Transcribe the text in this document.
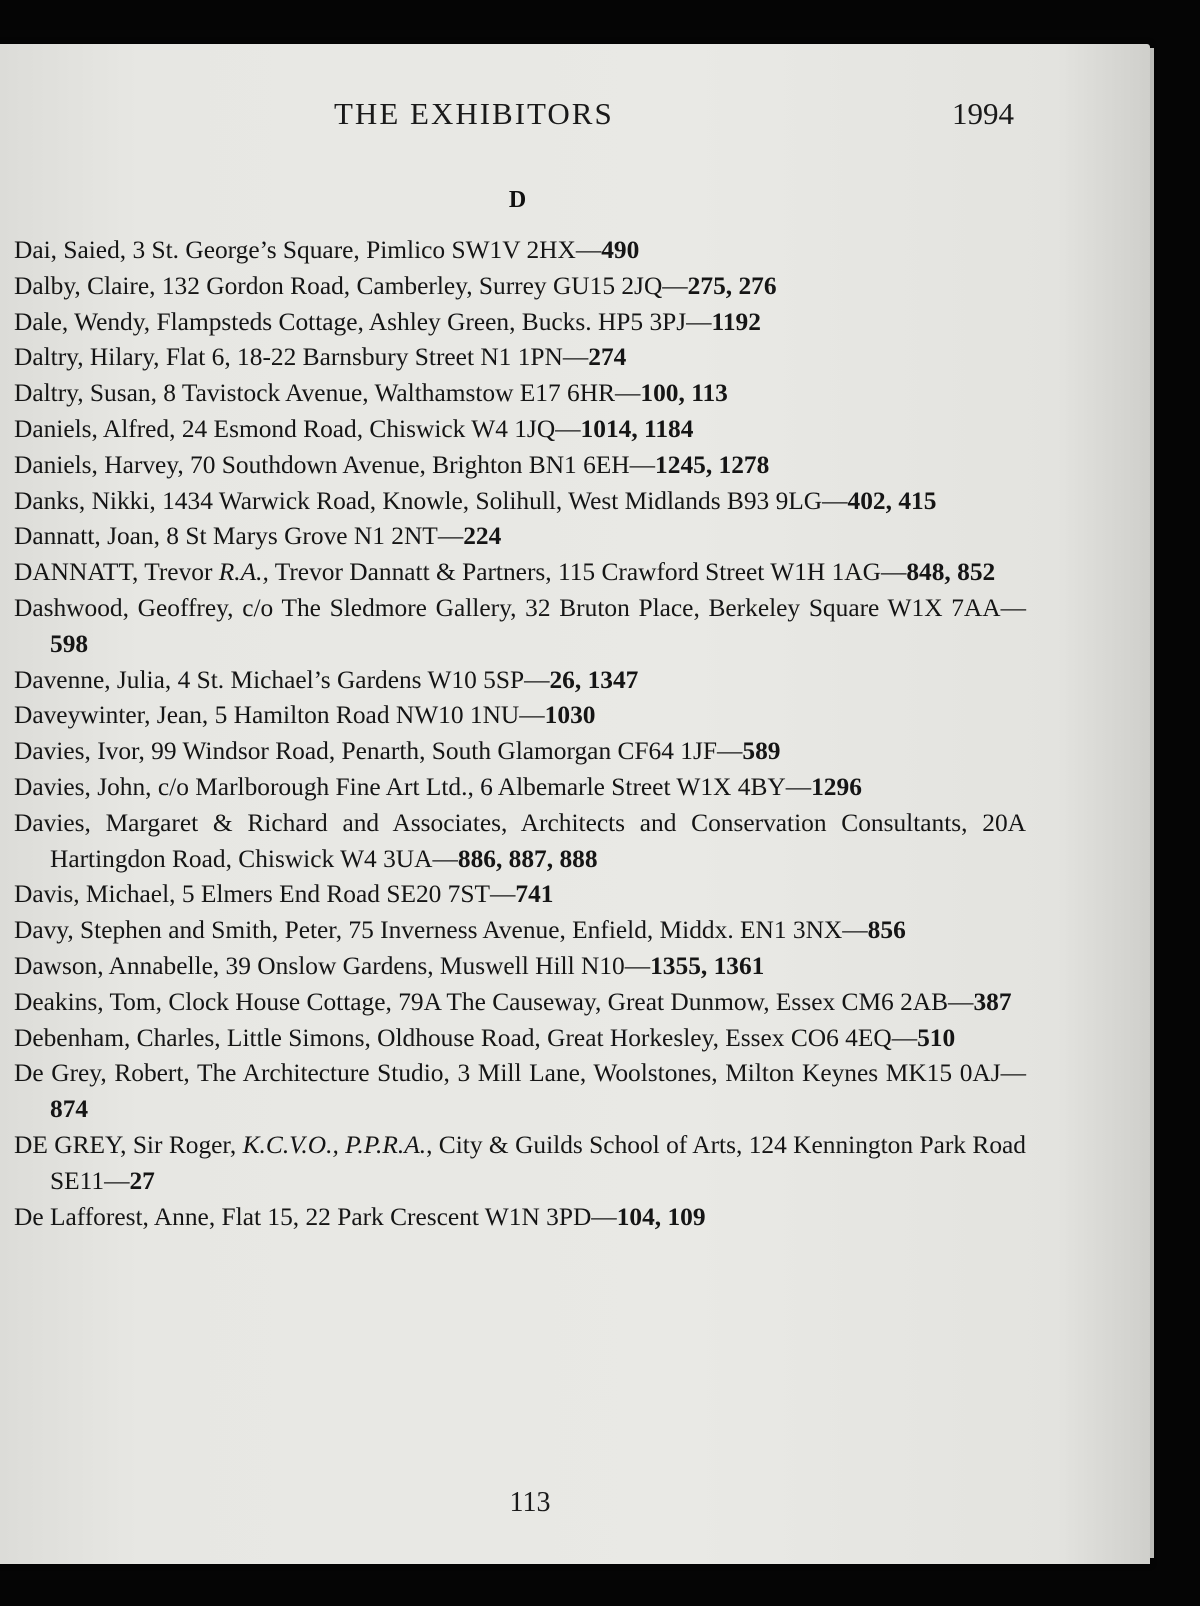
THE EXHIBITORS	1994
D

Dai, Saied, 3 St. George’s Square, Pimlico SW1V 2HX—490

Dalby, Claire, 132 Gordon Road, Camberley, Surrey GU15 2JQ—275, 276

Dale, Wendy, Flampsteds Cottage, Ashley Green, Bucks. HP5 3PJ—1192

Daltry, Hilary, Flat 6, 18-22 Barnsbury Street N1 1PN—274

Daltry, Susan, 8 Tavistock Avenue, Walthamstow E17 6HR—100, 113

Daniels, Alfred, 24 Esmond Road, Chiswick W4 1JQ—1014, 1184

Daniels, Harvey, 70 Southdown Avenue, Brighton BN1 6EH—1245, 1278

Danks, Nikki, 1434 Warwick Road, Knowle, Solihull, West Midlands B93 9LG—402, 415

Dannatt, Joan, 8 St Marys Grove N1 2NT—224

DANNATT, Trevor R.A., Trevor Dannatt & Partners, 115 Crawford Street W1H 1AG—848, 852

Dashwood, Geoffrey, c/o The Sledmore Gallery, 32 Bruton Place, Berkeley Square W1X 7AA—598

Davenne, Julia, 4 St. Michael’s Gardens W10 5SP—26, 1347

Daveywinter, Jean, 5 Hamilton Road NW10 1NU—1030

Davies, Ivor, 99 Windsor Road, Penarth, South Glamorgan CF64 1JF—589

Davies, John, c/o Marlborough Fine Art Ltd., 6 Albemarle Street W1X 4BY—1296

Davies, Margaret & Richard and Associates, Architects and Conservation Consultants, 20A Hartingdon Road, Chiswick W4 3UA—886, 887, 888

Davis, Michael, 5 Elmers End Road SE20 7ST—741

Davy, Stephen and Smith, Peter, 75 Inverness Avenue, Enfield, Middx. EN1 3NX—856

Dawson, Annabelle, 39 Onslow Gardens, Muswell Hill N10—1355, 1361

Deakins, Tom, Clock House Cottage, 79A The Causeway, Great Dunmow, Essex CM6 2AB—387

Debenham, Charles, Little Simons, Oldhouse Road, Great Horkesley, Essex CO6 4EQ—510

De Grey, Robert, The Architecture Studio, 3 Mill Lane, Woolstones, Milton Keynes MK15 0AJ—874

DE GREY, Sir Roger, K.C.V.O., P.P.R.A., City & Guilds School of Arts, 124 Kennington Park Road SE11—27

De Lafforest, Anne, Flat 15, 22 Park Crescent W1N 3PD—104, 109

113
